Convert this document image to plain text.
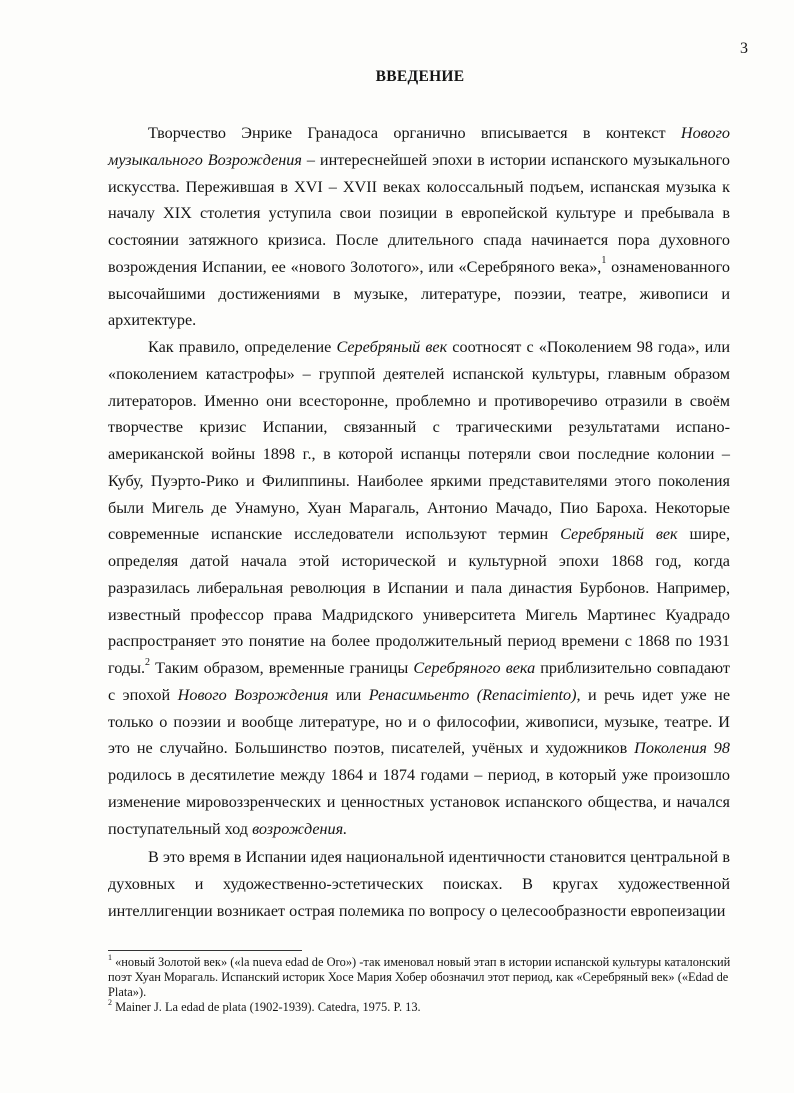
3
ВВЕДЕНИЕ

Творчество Энрике Гранадоса органично вписывается в контекст Нового музыкального Возрождения – интереснейшей эпохи в истории испанского музыкального искусства. Пережившая в XVI – XVII веках колоссальный подъем, испанская музыка к началу XIX столетия уступила свои позиции в европейской культуре и пребывала в состоянии затяжного кризиса. После длительного спада начинается пора духовного возрождения Испании, ее «нового Золотого», или «Серебряного века»,$^1$ ознаменованного высочайшими достижениями в музыке, литературе, поэзии, театре, живописи и архитектуре.

Как правило, определение Серебряный век соотносят с «Поколением 98 года», или «поколением катастрофы» – группой деятелей испанской культуры, главным образом литераторов. Именно они всесторонне, проблемно и противоречиво отразили в своём творчестве кризис Испании, связанный с трагическими результатами испано-американской войны 1898 г., в которой испанцы потеряли свои последние колонии – Кубу, Пуэрто-Рико и Филиппины. Наиболее яркими представителями этого поколения были Мигель де Унамуно, Хуан Марагаль, Антонио Мачадо, Пио Бароха. Некоторые современные испанские исследователи используют термин Серебряный век шире, определяя датой начала этой исторической и культурной эпохи 1868 год, когда разразилась либеральная революция в Испании и пала династия Бурбонов. Например, известный профессор права Мадридского университета Мигель Мартинес Куадрадо распространяет это понятие на более продолжительный период времени с 1868 по 1931 годы.$^2$ Таким образом, временные границы Серебряного века приблизительно совпадают с эпохой Нового Возрождения или Ренасимьенто (Renacimiento), и речь идет уже не только о поэзии и вообще литературе, но и о философии, живописи, музыке, театре. И это не случайно. Большинство поэтов, писателей, учёных и художников Поколения 98 родилось в десятилетие между 1864 и 1874 годами – период, в который уже произошло изменение мировоззренческих и ценностных установок испанского общества, и начался поступательный ход возрождения.

В это время в Испании идея национальной идентичности становится центральной в духовных и художественно-эстетических поисках. В кругах художественной интеллигенции возникает острая полемика по вопросу о целесообразности европеизации

$^1$ «новый Золотой век» («la nueva edad de Oro») -так именовал новый этап в истории испанской культуры каталонский поэт Хуан Морагаль. Испанский историк Хосе Мария Хобер обозначил этот период, как «Серебряный век» («Edad de Plata»).

$^2$ Mainer J. La edad de plata (1902-1939). Catedra, 1975. P. 13.
